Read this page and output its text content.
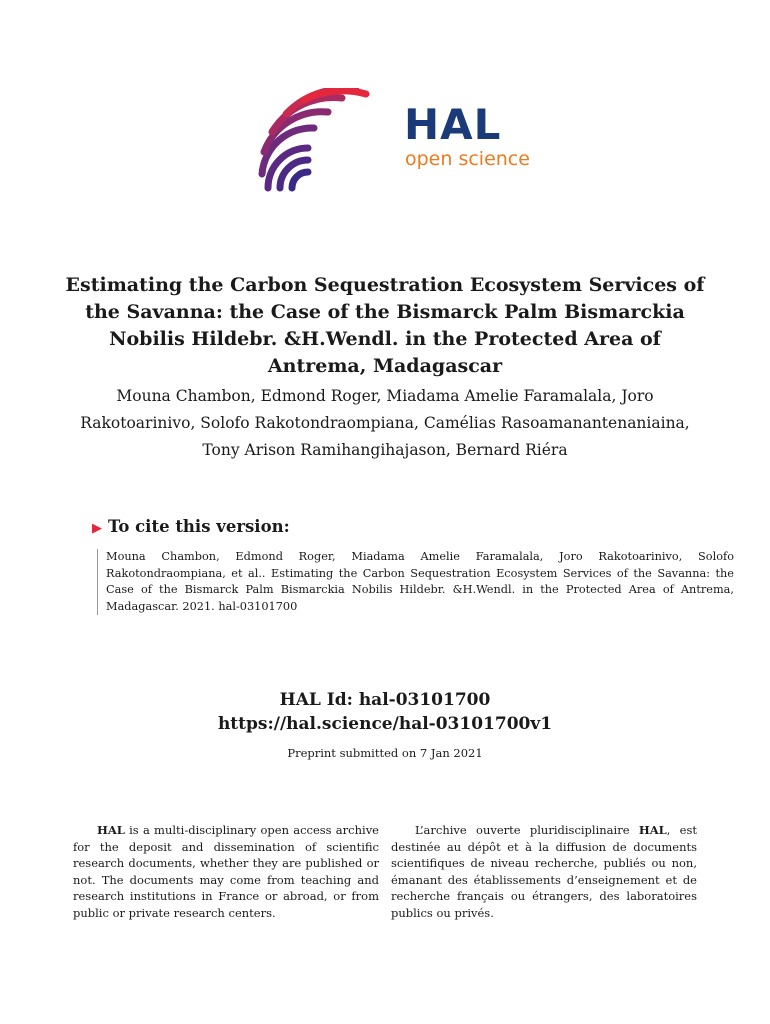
HAL
open science
Estimating the Carbon Sequestration Ecosystem Services of the Savanna: the Case of the Bismarck Palm Bismarckia Nobilis Hildebr. &H.Wendl. in the Protected Area of Antrema, Madagascar
Mouna Chambon, Edmond Roger, Miadama Amelie Faramalala, Joro Rakotoarinivo, Solofo Rakotondraompiana, Camélias Rasoamanantenaniaina, Tony Arison Ramihangihajason, Bernard Riéra
▶ To cite this version:
Mouna Chambon, Edmond Roger, Miadama Amelie Faramalala, Joro Rakotoarinivo, Solofo Rakotondraompiana, et al.. Estimating the Carbon Sequestration Ecosystem Services of the Savanna: the Case of the Bismarck Palm Bismarckia Nobilis Hildebr. &H.Wendl. in the Protected Area of Antrema, Madagascar. 2021. hal-03101700
HAL Id: hal-03101700
https://hal.science/hal-03101700v1
Preprint submitted on 7 Jan 2021
HAL is a multi-disciplinary open access archive for the deposit and dissemination of scientific research documents, whether they are published or not. The documents may come from teaching and research institutions in France or abroad, or from public or private research centers.
L’archive ouverte pluridisciplinaire HAL, est destinée au dépôt et à la diffusion de documents scientifiques de niveau recherche, publiés ou non, émanant des établissements d’enseignement et de recherche français ou étrangers, des laboratoires publics ou privés.
